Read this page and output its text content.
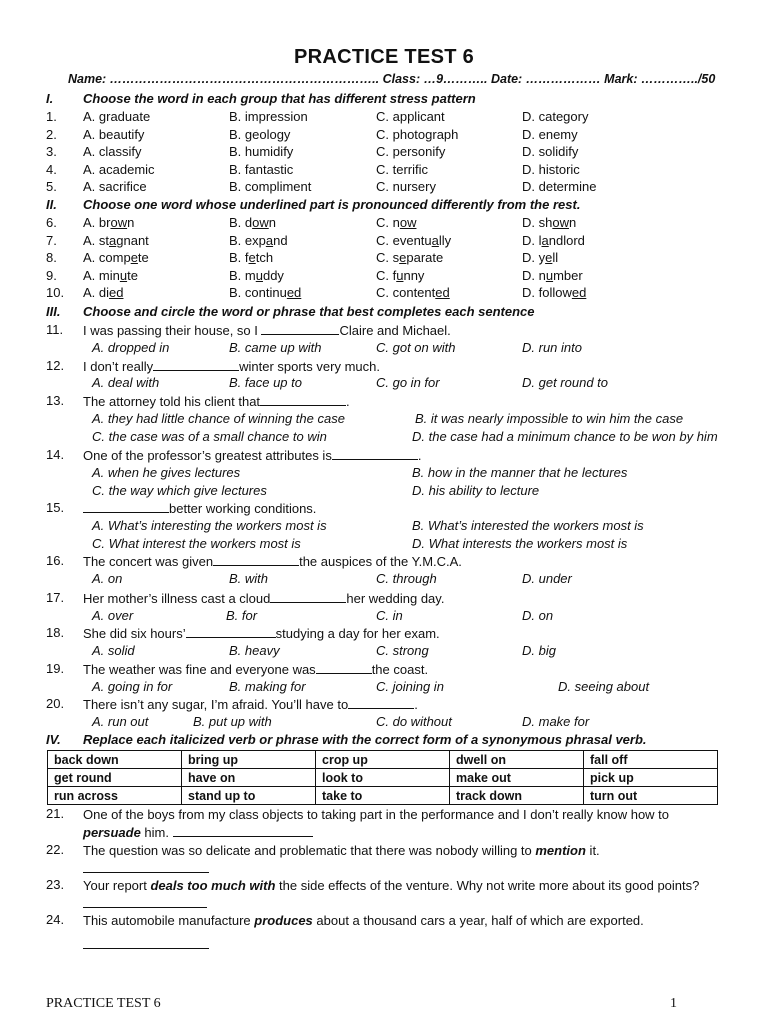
PRACTICE TEST 6
Name: ……………………………………………………….. Class: …9……….. Date: ……………… Mark: …………../50
I. Choose the word in each group that has different stress pattern
1. A. graduate	B. impression	C. applicant	D. category
2. A. beautify	B. geology	C. photograph	D. enemy
3. A. classify	B. humidify	C. personify	D. solidify
4. A. academic	B. fantastic	C. terrific	D. historic
5. A. sacrifice	B. compliment	C. nursery	D. determine
II. Choose one word whose underlined part is pronounced differently from the rest.
6. A. brown	B. down	C. now	D. shown
7. A. stagnant	B. expand	C. eventually	D. landlord
8. A. compete	B. fetch	C. separate	D. yell
9. A. minute	B. muddy	C. funny	D. number
10. A. died	B. continued	C. contented	D. followed
III. Choose and circle the word or phrase that best completes each sentence
11. I was passing their house, so I	Claire and Michael.
A. dropped in	B. came up with	C. got on with	D. run into
12. I don’t really	winter sports very much.
A. deal with	B. face up to	C. go in for	D. get round to
13. The attorney told his client that	.
A. they had little chance of winning the case	B. it was nearly impossible to win him the case
C. the case was of a small chance to win	D. the case had a minimum chance to be won by him
14. One of the professor’s greatest attributes is	.
A. when he gives lectures	B. how in the manner that he lectures
C. the way which give lectures	D. his ability to lecture
15.	better working conditions.
A. What’s interesting the workers most is	B. What’s interested the workers most is
C. What interest the workers most is	D. What interests the workers most is
16. The concert was given	the auspices of the Y.M.C.A.
A. on	B. with	C. through	D. under
17. Her mother’s illness cast a cloud	her wedding day.
A. over	B. for	C. in	D. on
18. She did six hours’	studying a day for her exam.
A. solid	B. heavy	C. strong	D. big
19. The weather was fine and everyone was	the coast.
A. going in for	B. making for	C. joining in	D. seeing about
20. There isn’t any sugar, I’m afraid. You’ll have to	.
A. run out	B. put up with	C. do without	D. make for
IV. Replace each italicized verb or phrase with the correct form of a synonymous phrasal verb.
back down	bring up	crop up	dwell on	fall off
get round	have on	look to	make out	pick up
run across	stand up to	take to	track down	turn out
21. One of the boys from my class objects to taking part in the performance and I don’t really know how to persuade him.
22. The question was so delicate and problematic that there was nobody willing to mention it.

23. Your report deals too much with the side effects of the venture. Why not write more about its good points?
24. This automobile manufacture produces about a thousand cars a year, half of which are exported.

PRACTICE TEST 6	1
